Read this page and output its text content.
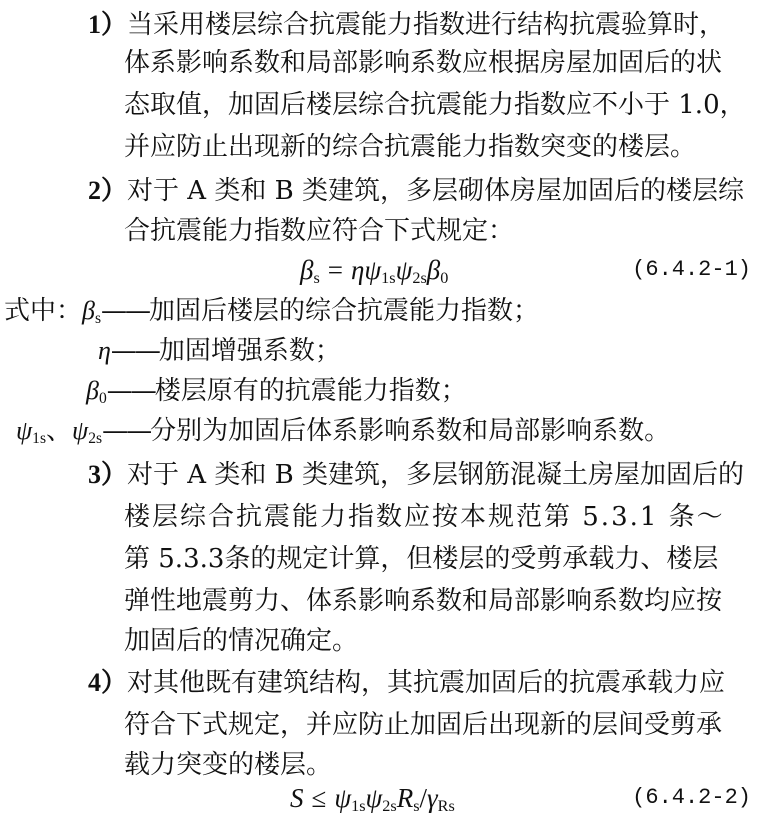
1）当采用楼层综合抗震能力指数进行结构抗震验算时，
体系影响系数和局部影响系数应根据房屋加固后的状
态取值，加固后楼层综合抗震能力指数应不小于 1.0，
并应防止出现新的综合抗震能力指数突变的楼层。
2）对于 A 类和 B 类建筑，多层砌体房屋加固后的楼层综
合抗震能力指数应符合下式规定：
$\beta_s = \eta\psi_{1s}\psi_{2s}\beta_0$	(6.4.2-1)
式中：$\beta_s——$加固后楼层的综合抗震能力指数；
η——加固增强系数；
$\beta_0——$楼层原有的抗震能力指数；
$\psi_{1s}$、$\psi_{2s}——$分别为加固后体系影响系数和局部影响系数。
3）对于 A 类和 B 类建筑，多层钢筋混凝土房屋加固后的
楼层综合抗震能力指数应按本规范第 5.3.1 条～
第 5.3.3条的规定计算，但楼层的受剪承载力、楼层
弹性地震剪力、体系影响系数和局部影响系数均应按
加固后的情况确定。
4）对其他既有建筑结构，其抗震加固后的抗震承载力应
符合下式规定，并应防止加固后出现新的层间受剪承
载力突变的楼层。
$S \le \psi_{1s}\psi_{2s}R_s/\gamma_{Rs}$	(6.4.2-2)
